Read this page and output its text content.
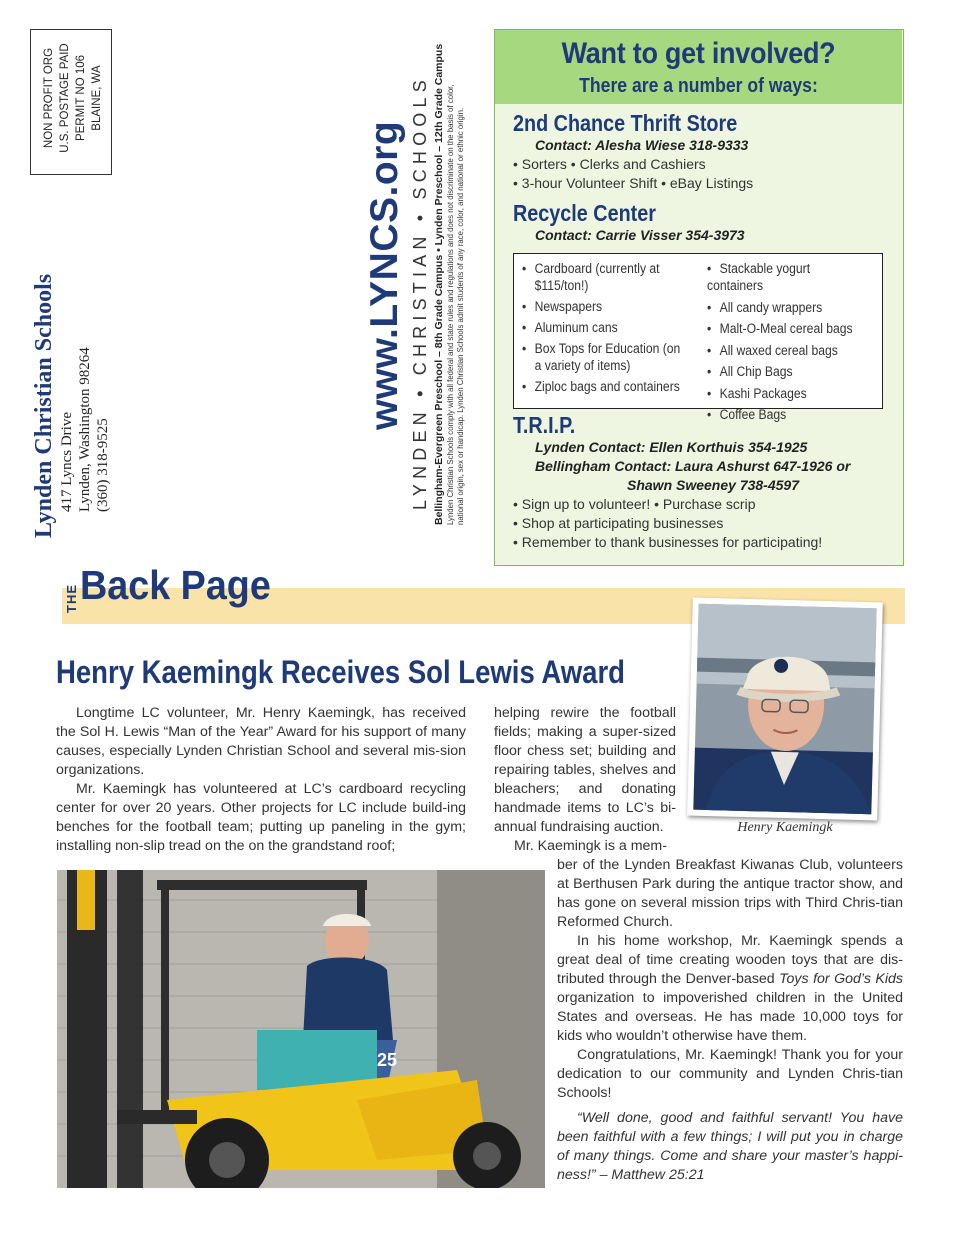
NON PROFIT ORG U.S. POSTAGE PAID PERMIT NO 106 BLAINE, WA
Lynden Christian Schools 417 Lyncs Drive Lynden, Washington 98264 (360) 318-9525
www.LYNCS.org LYNDEN • CHRISTIAN • SCHOOLS Bellingham-Evergreen Preschool – 8th Grade Campus • Lynden Preschool – 12th Grade Campus Lynden Christian Schools comply with all federal and state rules and regulations and does not discriminate on the basis of color, national origin, sex or handicap. Lynden Christian Schools admit students of any race, color, and national or ethnic origin.
Want to get involved?
There are a number of ways:
2nd Chance Thrift Store
Contact: Alesha Wiese 318-9333
• Sorters • Clerks and Cashiers
• 3-hour Volunteer Shift • eBay Listings
Recycle Center
Contact: Carrie Visser 354-3973
• Cardboard (currently at
$115/ton!)
• Newspapers
• Aluminum cans
• Box Tops for Education (on
a variety of items)
• Ziploc bags and containers
• Stackable yogurt containers
• All candy wrappers
• Malt-O-Meal cereal bags
• All waxed cereal bags
• All Chip Bags
• Kashi Packages
• Coffee Bags
T.R.I.P.
Lynden Contact: Ellen Korthuis 354-1925
Bellingham Contact: Laura Ashurst 647-1926 or
Shawn Sweeney 738-4597
• Sign up to volunteer! • Purchase scrip
• Shop at participating businesses
• Remember to thank businesses for participating!
THE Back Page
Henry Kaemingk
Henry Kaemingk Receives Sol Lewis Award

Longtime LC volunteer, Mr. Henry Kaemingk, has received the Sol H. Lewis “Man of the Year” Award for his support of many causes, especially Lynden Christian School and several mis-sion organizations.

Mr. Kaemingk has volunteered at LC’s cardboard recycling center for over 20 years. Other projects for LC include build-ing benches for the football team; putting up paneling in the gym; installing non-slip tread on the on the grandstand roof;

helping rewire the football fields; making a super-sized floor chess set; building and repairing tables, shelves and bleachers; and donating handmade items to LC’s bi-annual fundraising auction.

Mr. Kaemingk is a mem-

25

ber of the Lynden Breakfast Kiwanas Club, volunteers at Berthusen Park during the antique tractor show, and has gone on several mission trips with Third Chris-tian Reformed Church.

In his home workshop, Mr. Kaemingk spends a great deal of time creating wooden toys that are dis-tributed through the Denver-based Toys for God’s Kids organization to impoverished children in the United States and overseas. He has made 10,000 toys for kids who wouldn’t otherwise have them.

Congratulations, Mr. Kaemingk! Thank you for your dedication to our community and Lynden Chris-tian Schools!

“Well done, good and faithful servant! You have been faithful with a few things; I will put you in charge of many things. Come and share your master’s happi-ness!” – Matthew 25:21
